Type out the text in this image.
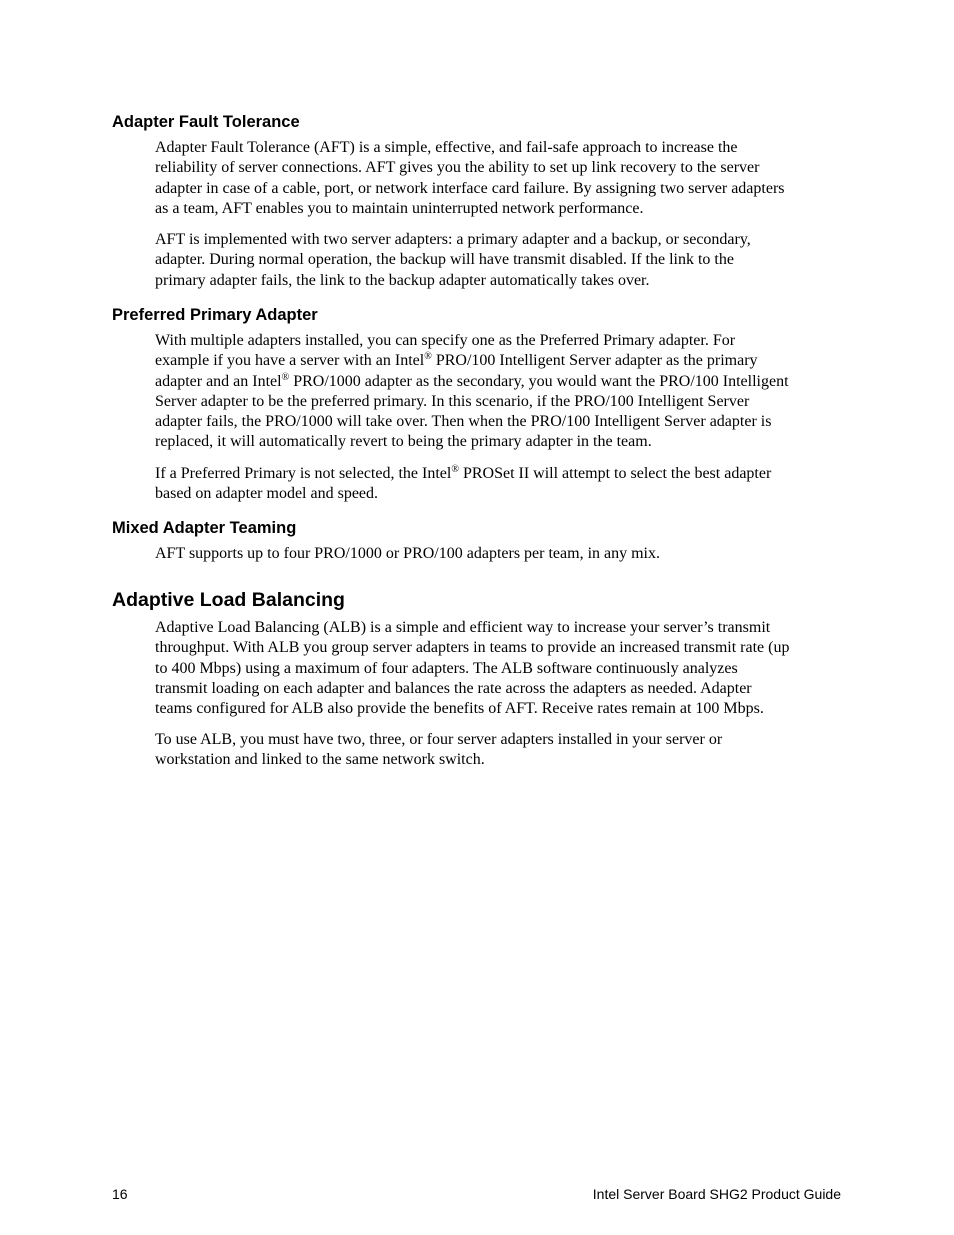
Adapter Fault Tolerance
Adapter Fault Tolerance (AFT) is a simple, effective, and fail-safe approach to increase the
reliability of server connections. AFT gives you the ability to set up link recovery to the server
adapter in case of a cable, port, or network interface card failure. By assigning two server adapters
as a team, AFT enables you to maintain uninterrupted network performance.
AFT is implemented with two server adapters: a primary adapter and a backup, or secondary,
adapter. During normal operation, the backup will have transmit disabled. If the link to the
primary adapter fails, the link to the backup adapter automatically takes over.
Preferred Primary Adapter
With multiple adapters installed, you can specify one as the Preferred Primary adapter. For
example if you have a server with an Intel® PRO/100 Intelligent Server adapter as the primary
adapter and an Intel® PRO/1000 adapter as the secondary, you would want the PRO/100 Intelligent
Server adapter to be the preferred primary. In this scenario, if the PRO/100 Intelligent Server
adapter fails, the PRO/1000 will take over. Then when the PRO/100 Intelligent Server adapter is
replaced, it will automatically revert to being the primary adapter in the team.
If a Preferred Primary is not selected, the Intel® PROSet II will attempt to select the best adapter
based on adapter model and speed.
Mixed Adapter Teaming
AFT supports up to four PRO/1000 or PRO/100 adapters per team, in any mix.
Adaptive Load Balancing
Adaptive Load Balancing (ALB) is a simple and efficient way to increase your server’s transmit
throughput. With ALB you group server adapters in teams to provide an increased transmit rate (up
to 400 Mbps) using a maximum of four adapters. The ALB software continuously analyzes
transmit loading on each adapter and balances the rate across the adapters as needed. Adapter
teams configured for ALB also provide the benefits of AFT. Receive rates remain at 100 Mbps.
To use ALB, you must have two, three, or four server adapters installed in your server or
workstation and linked to the same network switch.
16	Intel Server Board SHG2 Product Guide
